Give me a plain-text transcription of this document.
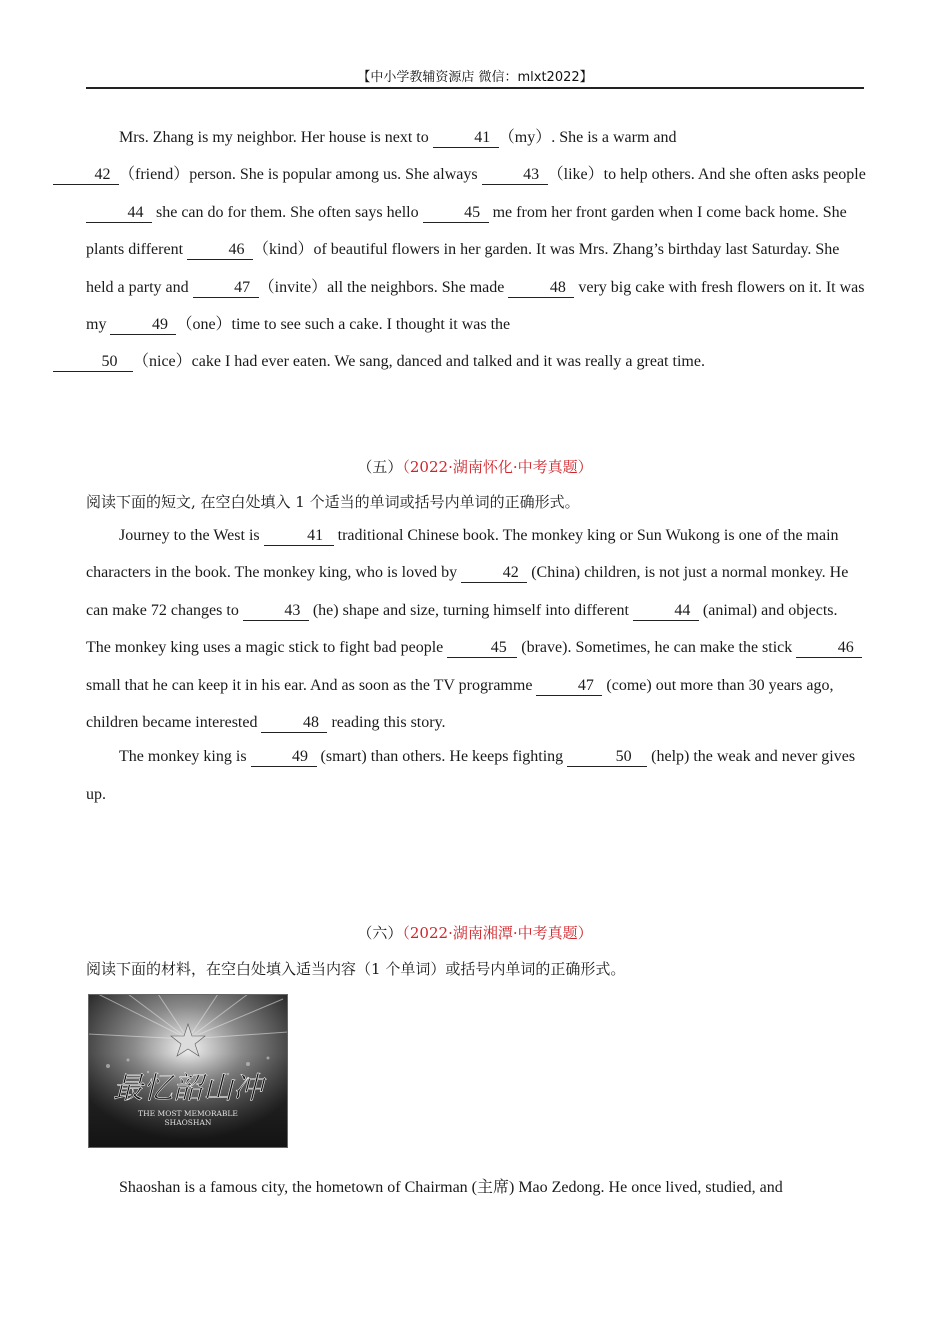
【中小学教辅资源店 微信：mlxt2022】

Mrs. Zhang is my neighbor. Her house is next to	41 （my）. She is a warm and
42 （friend）person. She is popular among us. She always	43 （like）to help others. And she often asks people 44 she can do for them. She often says hello	45 me from her front garden when I come back home. She plants different	46 （kind）of beautiful flowers in her garden. It was Mrs. Zhang’s birthday last Saturday. She held a party and	47 （invite）all the neighbors. She made	48 very big cake with fresh flowers on it. It was my	49 （one）time to see such a cake. I thought it was the
50 （nice）cake I had ever eaten. We sang, danced and talked and it was really a great time.

（五）（2022·湖南怀化·中考真题）
阅读下面的短文, 在空白处填入 1 个适当的单词或括号内单词的正确形式。

Journey to the West is	41 traditional Chinese book. The monkey king or Sun Wukong is one of the main characters in the book. The monkey king, who is loved by	42 (China) children, is not just a normal monkey. He can make 72 changes to	43 (he) shape and size, turning himself into different	44 (animal) and objects. The monkey king uses a magic stick to fight bad people	45 (brave). Sometimes, he can make the stick	46 small that he can keep it in his ear. And as soon as the TV programme	47 (come) out more than 30 years ago, children became interested	48 reading this story.

The monkey king is	49 (smart) than others. He keeps fighting	50 (help) the weak and never gives up.

（六）（2022·湖南湘潭·中考真题）
阅读下面的材料，在空白处填入适当内容（1 个单词）或括号内单词的正确形式。
最忆韶山冲
THE MOST MEMORABLE
SHAOSHAN

Shaoshan is a famous city, the hometown of Chairman (主席) Mao Zedong. He once lived, studied, and
